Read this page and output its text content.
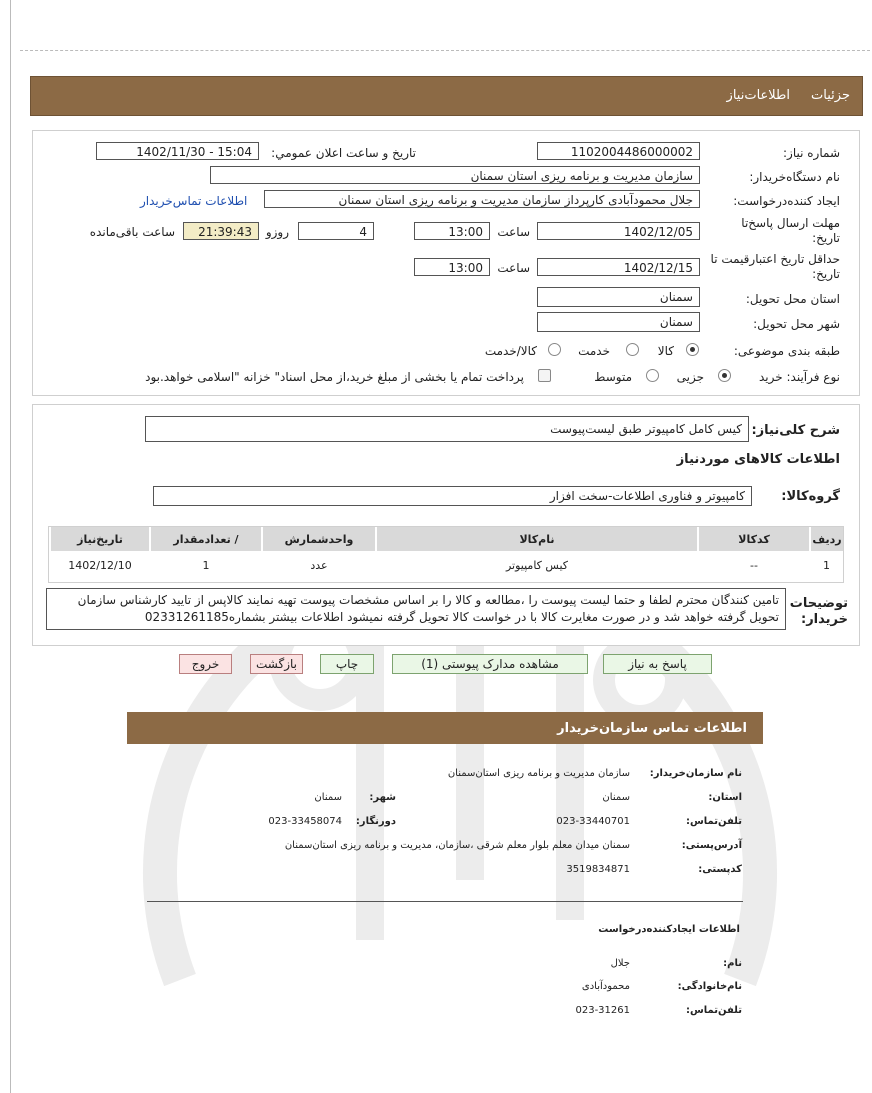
جزئیات
اطلاعات‌نیاز
شماره نیاز:
1102004486000002
تاریخ و ساعت اعلان عمومي:
1402/11/30 - 15:04
نام دستگاه‌خریدار:
سازمان مدیریت و برنامه ریزی استان سمنان
ایجاد کننده‌درخواست:
جلال محمودآبادی کارپرداز سازمان مدیریت و برنامه ریزی استان سمنان
اطلاعات تماس‌خریدار
مهلت ارسال پاسخ‌تا تاریخ:
1402/12/05
ساعت
13:00
4
روزو
21:39:43
ساعت باقی‌مانده
حداقل تاریخ اعتبارقیمت تا تاریخ:
1402/12/15
ساعت
13:00
استان محل تحویل:
سمنان
شهر محل تحویل:
سمنان
طبقه بندی موضوعی:
کالا
خدمت
کالا/خدمت
نوع فرآیند: خرید
جزیی
متوسط
پرداخت تمام یا بخشی از مبلغ خرید،از محل اسناد" خزانه "اسلامی خواهد.بود
شرح کلی‌نیاز:
کیس کامل کامپیوتر طبق لیست‌پیوست
اطلاعات کالاهای موردنیاز
گروه‌کالا:
کامپیوتر و فناوری اطلاعات-سخت افزار
ردیف	کدکالا	نام‌کالا	واحدشمارش	/ تعدادمقدار	تاریخ‌نیاز
1	--	کیس کامپیوتر	عدد	1	1402/12/10
توضیحات خریدار:
تامین کنندگان محترم لطفا و حتما لیست پیوست را ،مطالعه و کالا را بر اساس مشخصات پیوست تهیه نمایند کالاپس از تایید کارشناس سازمان تحویل گرفته خواهد شد و در صورت مغایرت کالا با در خواست کالا تحویل گرفته نمیشود اطلاعات بیشتر بشماره02331261185
پاسخ به نیاز
مشاهده مدارک پیوستی (1)
چاپ
بازگشت
خروج
اطلاعات تماس سازمان‌خریدار
نام سازمان‌خریدار:
سازمان مدیریت و برنامه ریزی استان‌سمنان
استان:
سمنان
شهر:
سمنان
تلفن‌تماس:
023-33440701
دورنگار:
023-33458074
آدرس‌پستی:
سمنان میدان معلم بلوار معلم شرقی ،سازمان، مدیریت و برنامه ریزی استان‌سمنان
کد‌پستی:
3519834871
اطلاعات ایجادکننده‌درخواست
نام:
جلال
نام‌خانوادگی:
محمودآبادی
تلفن‌تماس:
023-31261
